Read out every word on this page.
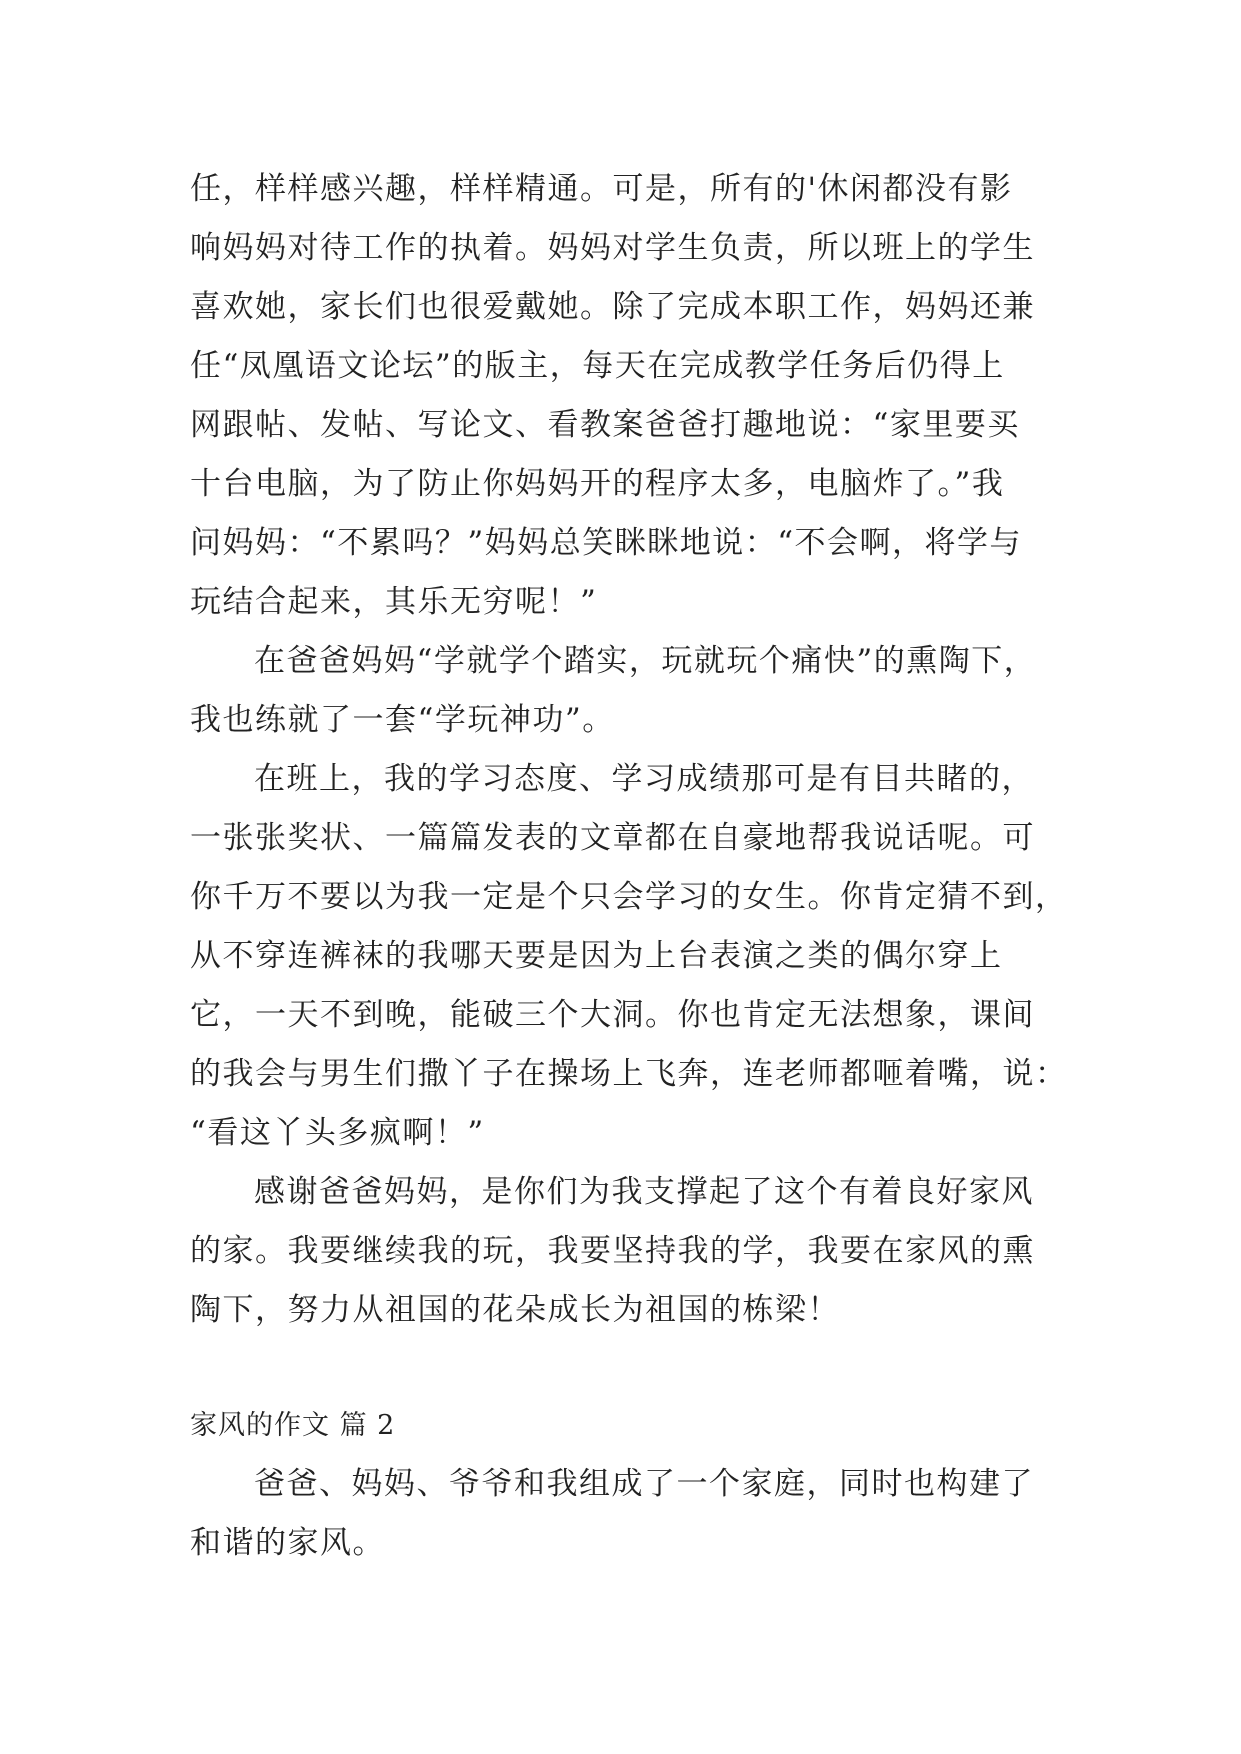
任，样样感兴趣，样样精通。可是，所有的'休闲都没有影
响妈妈对待工作的执着。妈妈对学生负责，所以班上的学生
喜欢她，家长们也很爱戴她。除了完成本职工作，妈妈还兼
任“凤凰语文论坛”的版主，每天在完成教学任务后仍得上
网跟帖、发帖、写论文、看教案爸爸打趣地说：“家里要买
十台电脑，为了防止你妈妈开的程序太多，电脑炸了。”我
问妈妈：“不累吗？”妈妈总笑眯眯地说：“不会啊，将学与
玩结合起来，其乐无穷呢！”
在爸爸妈妈“学就学个踏实，玩就玩个痛快”的熏陶下，
我也练就了一套“学玩神功”。
在班上，我的学习态度、学习成绩那可是有目共睹的，
一张张奖状、一篇篇发表的文章都在自豪地帮我说话呢。可
你千万不要以为我一定是个只会学习的女生。你肯定猜不到，
从不穿连裤袜的我哪天要是因为上台表演之类的偶尔穿上
它，一天不到晚，能破三个大洞。你也肯定无法想象，课间
的我会与男生们撒丫子在操场上飞奔，连老师都咂着嘴，说：
“看这丫头多疯啊！”
感谢爸爸妈妈，是你们为我支撑起了这个有着良好家风
的家。我要继续我的玩，我要坚持我的学，我要在家风的熏
陶下，努力从祖国的花朵成长为祖国的栋梁！
家风的作文 篇 2
爸爸、妈妈、爷爷和我组成了一个家庭，同时也构建了
和谐的家风。
